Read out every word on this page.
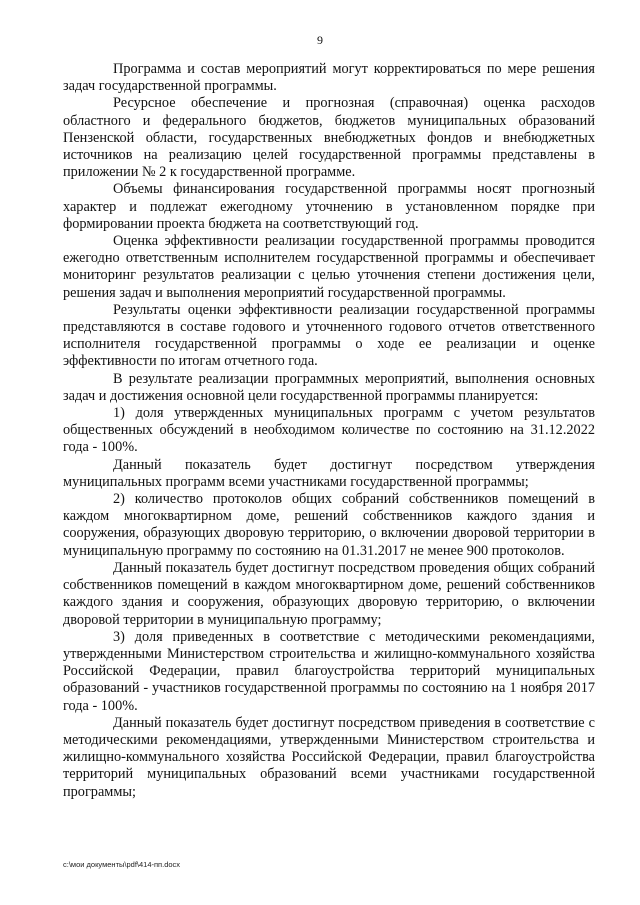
9

Программа и состав мероприятий могут корректироваться по мере решения задач государственной программы.

Ресурсное обеспечение и прогнозная (справочная) оценка расходов областного и федерального бюджетов, бюджетов муниципальных образований Пензенской области, государственных внебюджетных фондов и внебюджетных источников на реализацию целей государственной программы представлены в приложении № 2 к государственной программе.

Объемы финансирования государственной программы носят прогнозный характер и подлежат ежегодному уточнению в установленном порядке при формировании проекта бюджета на соответствующий год.

Оценка эффективности реализации государственной программы проводится ежегодно ответственным исполнителем государственной программы и обеспечивает мониторинг результатов реализации с целью уточнения степени достижения цели, решения задач и выполнения мероприятий государственной программы.

Результаты оценки эффективности реализации государственной программы представляются в составе годового и уточненного годового отчетов ответственного исполнителя государственной программы о ходе ее реализации и оценке эффективности по итогам отчетного года.

В результате реализации программных мероприятий, выполнения основных задач и достижения основной цели государственной программы планируется:

1) доля утвержденных муниципальных программ с учетом результатов общественных обсуждений в необходимом количестве по состоянию на 31.12.2022 года - 100%.

Данный показатель будет достигнут посредством утверждения муниципальных программ всеми участниками государственной программы;

2) количество протоколов общих собраний собственников помещений в каждом многоквартирном доме, решений собственников каждого здания и сооружения, образующих дворовую территорию, о включении дворовой территории в муниципальную программу по состоянию на 01.31.2017 не менее 900 протоколов.

Данный показатель будет достигнут посредством проведения общих собраний собственников помещений в каждом многоквартирном доме, решений собственников каждого здания и сооружения, образующих дворовую территорию, о включении дворовой территории в муниципальную программу;

3) доля приведенных в соответствие с методическими рекомендациями, утвержденными Министерством строительства и жилищно-коммунального хозяйства Российской Федерации, правил благоустройства территорий муниципальных образований - участников государственной программы по состоянию на 1 ноября 2017 года - 100%.

Данный показатель будет достигнут посредством приведения в соответствие с методическими рекомендациями, утвержденными Министерством строительства и жилищно-коммунального хозяйства Российской Федерации, правил благоустройства территорий муниципальных образований всеми участниками государственной программы;

c:\мои документы\pdf\414-пп.docx
